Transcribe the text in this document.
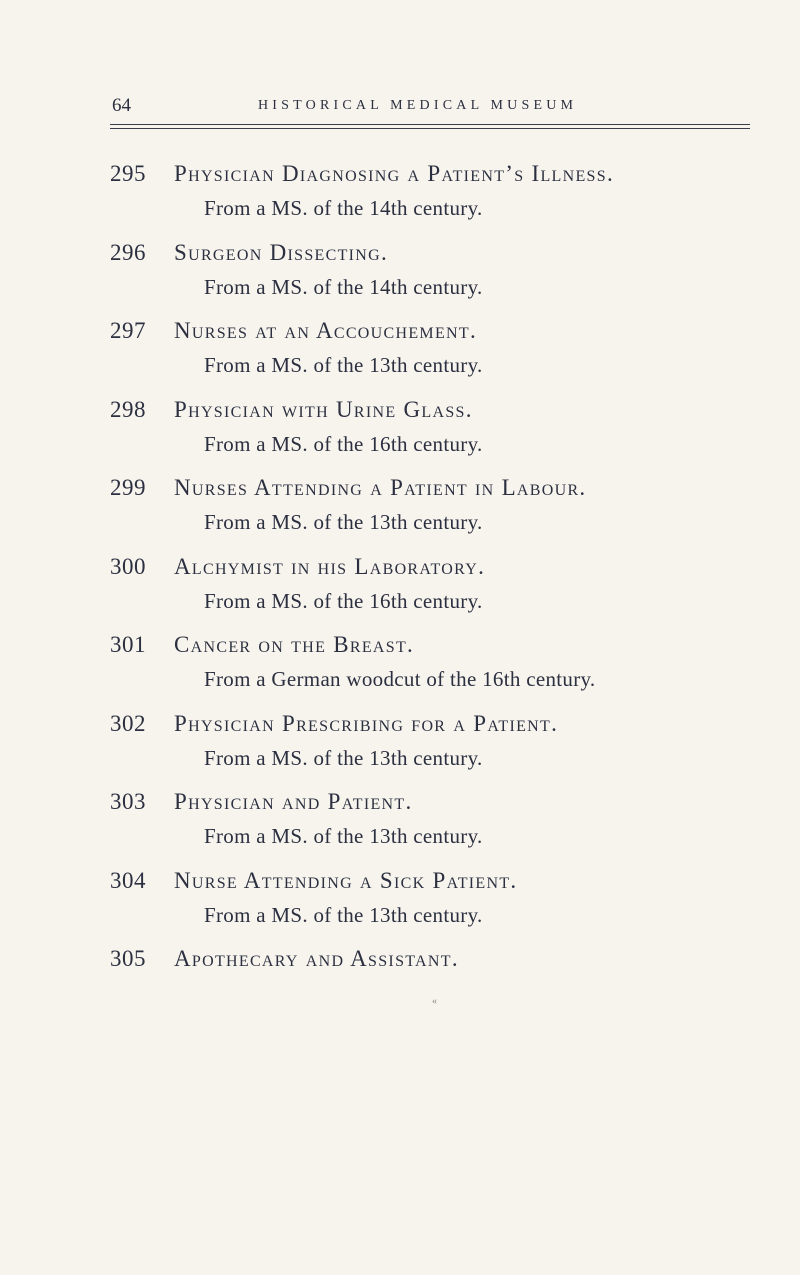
64	HISTORICAL MEDICAL MUSEUM
295 Physician Diagnosing a Patient’s Illness.
From a MS. of the 14th century.
296 Surgeon Dissecting.
From a MS. of the 14th century.
297 Nurses at an Accouchement.
From a MS. of the 13th century.
298 Physician with Urine Glass.
From a MS. of the 16th century.
299 Nurses Attending a Patient in Labour.
From a MS. of the 13th century.
300 Alchymist in his Laboratory.
From a MS. of the 16th century.
301 Cancer on the Breast.
From a German woodcut of the 16th century.
302 Physician Prescribing for a Patient.
From a MS. of the 13th century.
303 Physician and Patient.
From a MS. of the 13th century.
304 Nurse Attending a Sick Patient.
From a MS. of the 13th century.
305 Apothecary and Assistant.
«
